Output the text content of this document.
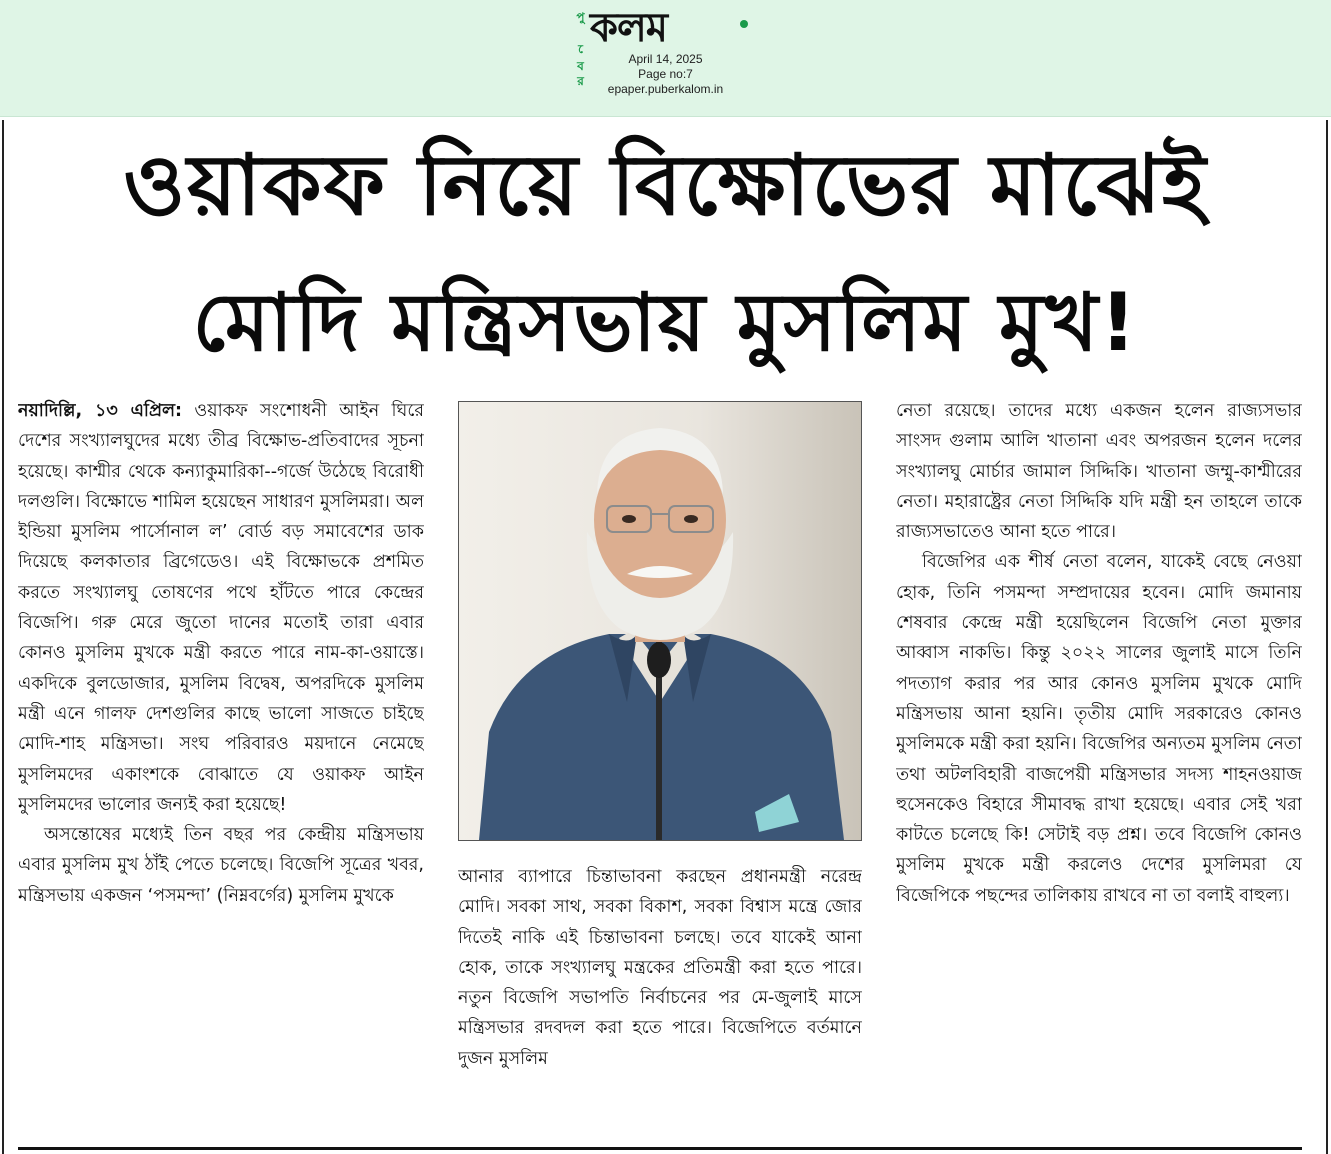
পুবের কলম
April 14, 2025
Page no:7
epaper.puberkalom.in
ওয়াকফ নিয়ে বিক্ষোভের মাঝেই
মোদি মন্ত্রিসভায় মুসলিম মুখ!

নয়াদিল্লি, ১৩ এপ্রিল: ওয়াকফ সংশোধনী আইন ঘিরে দেশের সংখ্যালঘুদের মধ্যে তীব্র বিক্ষোভ-প্রতিবাদের সূচনা হয়েছে। কাশ্মীর থেকে কন্যাকুমারিকা--গর্জে উঠেছে বিরোধী দলগুলি। বিক্ষোভে শামিল হয়েছেন সাধারণ মুসলিমরা। অল ইন্ডিয়া মুসলিম পার্সোনাল ল’ বোর্ড বড় সমাবেশের ডাক দিয়েছে কলকাতার ব্রিগেডেও। এই বিক্ষোভকে প্রশমিত করতে সংখ্যালঘু তোষণের পথে হাঁটতে পারে কেন্দ্রের বিজেপি। গরু মেরে জুতো দানের মতোই তারা এবার কোনও মুসলিম মুখকে মন্ত্রী করতে পারে নাম-কা-ওয়াস্তে। একদিকে বুলডোজার, মুসলিম বিদ্বেষ, অপরদিকে মুসলিম মন্ত্রী এনে গালফ দেশগুলির কাছে ভালো সাজতে চাইছে মোদি-শাহ মন্ত্রিসভা। সংঘ পরিবারও ময়দানে নেমেছে মুসলিমদের একাংশকে বোঝাতে যে ওয়াকফ আইন মুসলিমদের ভালোর জন্যই করা হয়েছে!

অসন্তোষের মধ্যেই তিন বছর পর কেন্দ্রীয় মন্ত্রিসভায় এবার মুসলিম মুখ ঠাঁই পেতে চলেছে। বিজেপি সূত্রের খবর, মন্ত্রিসভায় একজন ‘পসমন্দা’ (নিম্নবর্গের) মুসলিম মুখকে

আনার ব্যাপারে চিন্তাভাবনা করছেন প্রধানমন্ত্রী নরেন্দ্র মোদি। সবকা সাথ, সবকা বিকাশ, সবকা বিশ্বাস মন্ত্রে জোর দিতেই নাকি এই চিন্তাভাবনা চলছে। তবে যাকেই আনা হোক, তাকে সংখ্যালঘু মন্ত্রকের প্রতিমন্ত্রী করা হতে পারে। নতুন বিজেপি সভাপতি নির্বাচনের পর মে-জুলাই মাসে মন্ত্রিসভার রদবদল করা হতে পারে। বিজেপিতে বর্তমানে দুজন মুসলিম

নেতা রয়েছে। তাদের মধ্যে একজন হলেন রাজ্যসভার সাংসদ গুলাম আলি খাতানা এবং অপরজন হলেন দলের সংখ্যালঘু মোর্চার জামাল সিদ্দিকি। খাতানা জম্মু-কাশ্মীরের নেতা। মহারাষ্ট্রের নেতা সিদ্দিকি যদি মন্ত্রী হন তাহলে তাকে রাজ্যসভাতেও আনা হতে পারে।

বিজেপির এক শীর্ষ নেতা বলেন, যাকেই বেছে নেওয়া হোক, তিনি পসমন্দা সম্প্রদায়ের হবেন। মোদি জমানায় শেষবার কেন্দ্রে মন্ত্রী হয়েছিলেন বিজেপি নেতা মুক্তার আব্বাস নাকভি। কিন্তু ২০২২ সালের জুলাই মাসে তিনি পদত্যাগ করার পর আর কোনও মুসলিম মুখকে মোদি মন্ত্রিসভায় আনা হয়নি। তৃতীয় মোদি সরকারেও কোনও মুসলিমকে মন্ত্রী করা হয়নি। বিজেপির অন্যতম মুসলিম নেতা তথা অটলবিহারী বাজপেয়ী মন্ত্রিসভার সদস্য শাহনওয়াজ হুসেনকেও বিহারে সীমাবদ্ধ রাখা হয়েছে। এবার সেই খরা কাটতে চলেছে কি! সেটাই বড় প্রশ্ন। তবে বিজেপি কোনও মুসলিম মুখকে মন্ত্রী করলেও দেশের মুসলিমরা যে বিজেপিকে পছন্দের তালিকায় রাখবে না তা বলাই বাহুল্য।
